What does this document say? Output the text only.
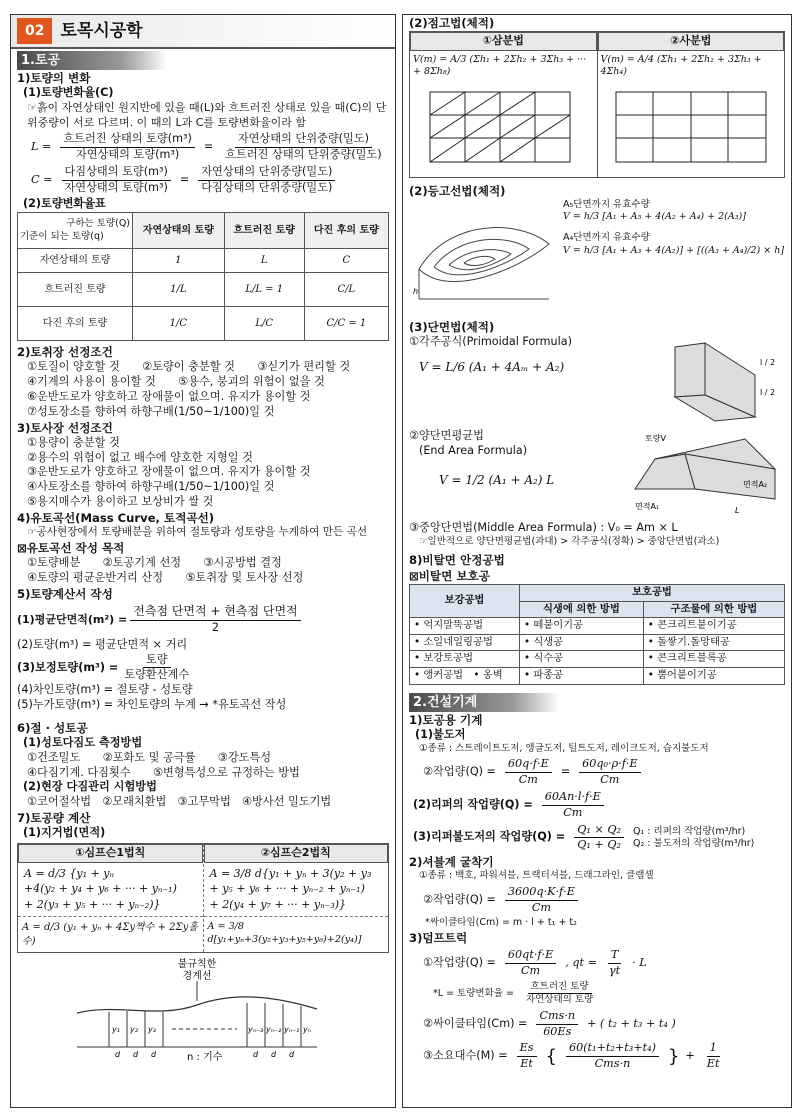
02 토목시공학
1.토공
1)토량의 변화
(1)토량변화율(C)
☞흙이 자연상태인 원지반에 있을 때(L)와 흐트러진 상태로 있을 때(C)의 단위중량이 서로 다르며. 이 때의 L과 C를 토량변화율이라 함
$L = \frac{\text{흐트러진 상태의 토량(m³)}}{\text{자연상태의 토량(m³)}} = \frac{\text{자연상태의 단위중량(밀도)}}{\text{흐트러진 상태의 단위중량(밀도)}}$
$C = \frac{\text{다짐상태의 토량(m³)}}{\text{자연상태의 토량(m³)}} = \frac{\text{자연상태의 단위중량(밀도)}}{\text{다짐상태의 단위중량(밀도)}}$
(2)토량변화율표
구하는 토량(Q)
기준이 되는 토량(q)	자연상태의 토량	흐트러진 토량	다진 후의 토량
자연상태의 토량	1	L	C
흐트러진 토량	1/L	L/L = 1	C/L
다진 후의 토량	1/C	L/C	C/C = 1
2)토취장 선정조건
①토질이 양호할 것　　②토량이 충분할 것　　③싣기가 편리할 것
④기계의 사용이 용이할 것　　⑤용수, 붕괴의 위험이 없을 것
⑥운반도로가 양호하고 장애물이 없으며. 유지가 용이할 것
⑦성토장소를 향하여 하향구배(1/50~1/100)일 것
3)토사장 선정조건
①용량이 충분할 것
②용수의 위험이 없고 배수에 양호한 지형일 것
③운반도로가 양호하고 장애물이 없으며. 유지가 용이할 것
④사토장소를 향하여 하향구배(1/50~1/100)일 것
⑤용지매수가 용이하고 보상비가 쌀 것
4)유토곡선(Mass Curve, 토적곡선)
☞공사현장에서 토량배분을 위하여 절토량과 성토량을 누계하여 만든 곡선
⊠유토곡선 작성 목적
①토량배분　　②토공기계 선정　　③시공방법 결정
④토량의 평균운반거리 산정　　⑤토취장 및 토사장 선정
5)토량계산서 작성
(1)평균단면적$(m^2) = \frac{\text{전측점 단면적 + 현측점 단면적}}{2}$
(2)토량(m³) = 평균단면적 × 거리
(3)보정토량$(m^3) = \frac{\text{토량}}{\text{토량환산계수}}$
(4)차인토량(m³) = 절토량 - 성토량
(5)누가토량(m³) = 차인토량의 누계 → *유토곡선 작성
6)절 · 성토공
(1)성토다짐도 측정방법
①건조밀도　　②포화도 및 공극률　　③강도특성
④다짐기계. 다짐횟수　　⑤변형특성으로 규정하는 방법
(2)현장 다짐관리 시험방법
①코어절삭법　②모래치환법　③고무막법　④방사선 밀도기법
7)토공량 계산
(1)지거법(면적)
①심프슨1법칙
A = d/3 {y₁ + yₙ
+4(y₂ + y₄ + y₆ + ··· + yₙ₋₁)
+ 2(y₃ + y₅ + ··· + yₙ₋₂)}
A = d/3 (y₁ + yₙ + 4Σy짝수 + 2Σy홀수)
②심프슨2법칙
A = 3/8 d{y₁ + yₙ + 3(y₂ + y₃
+ y₅ + y₆ + ··· + yₙ₋₂ + yₙ₋₁)
+ 2(y₄ + y₇ + ··· + yₙ₋₃)}
A = 3/8 d[y₁+yₙ+3(y₂+y₃+y₅+y₆)+2(y₄)]
불규칙한
경계선
y₁ y₂ y₃	yₙ₋₃ yₙ₋₂ yₙ₋₁ yₙ
d d d	d d d
n : 기수
(2)점고법(체적)
①삼분법
V(m) = A/3 (Σh₁ + 2Σh₂ + 3Σh₃ + ··· + 8Σh₈)
②사분법
V(m) = A/4 (Σh₁ + 2Σh₂ + 3Σh₃ + 4Σh₄)
(2)등고선법(체적)
h
A₅단면까지 유효수량
V = h/3 [A₁ + A₅ + 4(A₂ + A₄) + 2(A₃)]
A₄단면까지 유효수량
V = h/3 [A₁ + A₃ + 4(A₂)] + [((A₃ + A₄)/2) × h]
(3)단면법(체적)
①각주공식(Primoidal Formula)
V = L/6 (A₁ + 4Aₘ + A₂)	l / 2
l / 2
②양단면평균법
(End Area Formula)
V = 1/2 (A₁ + A₂) L
토량V
면적A₂
면적A₁	L
③중앙단면법(Middle Area Formula) : V₀ = Am × L
☞일반적으로 양단면평균법(과대) > 각주공식(정확) > 중앙단면법(과소)
8)비탈면 안정공법
⊠비탈면 보호공
보강공법	보호공법	
	식생에 의한 방법	구조물에 의한 방법
• 억지말뚝공법	• 떼붙이기공	• 콘크리트붙이기공
• 소일네일링공법	• 식생공	• 돌쌓기.돌망태공
• 보강토공법	• 식수공	• 콘크리트블록공
• 앵커공법　• 옹벽	• 파종공	• 뿜어붙이기공
2.건설기계
1)토공용 기계
(1)불도저
①종류 : 스트레이트도저, 앵글도저, 틸트도저, 레이크도저, 습지불도저
②작업량$(Q) = \frac{60q\cdot f\cdot E}{Cm} = \frac{\text{60q₀·ρ·f·E}}{Cm}$
(2)리퍼의 작업량$(Q) = \frac{60An\cdot l\cdot f\cdot E}{Cm}$
(3)리퍼불도저의 작업량$(Q) = \frac{\text{Q₁ × Q₂}}{\text{Q₁ + Q₂}} Q_1$ : 리퍼의 작업량(m³/hr)
Q₂ : 불도저의 작업량(m³/hr)
2)셔블계 굴착기
①종류 : 백호, 파워셔블, 트랙터셔블, 드래그라인, 클램셸
②작업량$(Q) = \frac{3600q\cdot K\cdot f\cdot E}{Cm}$
*싸이클타임(Cm) = m · l + t₁ + t₂
3)덤프트럭
①작업량$(Q) = \frac{60qt\cdot f\cdot E}{Cm}$ , qt = $\frac{T}{\gamma t} \cdot L$
*L = 토량변화율 = $\frac{\text{흐트러진 토량}}{\text{자연상태의 토량}}$
②싸이클타임$(Cm) = \frac{\text{Cms·n}}{60Es}$ + ( t₂ + t₃ + t₄ )
③소요대수$(M) = \frac{Es}{Et}$ { $\frac{\text{60(t₁+t₂+t₃+t₄)}}{\text{Cms·n}}$ } + $\frac{1}{Et}$
